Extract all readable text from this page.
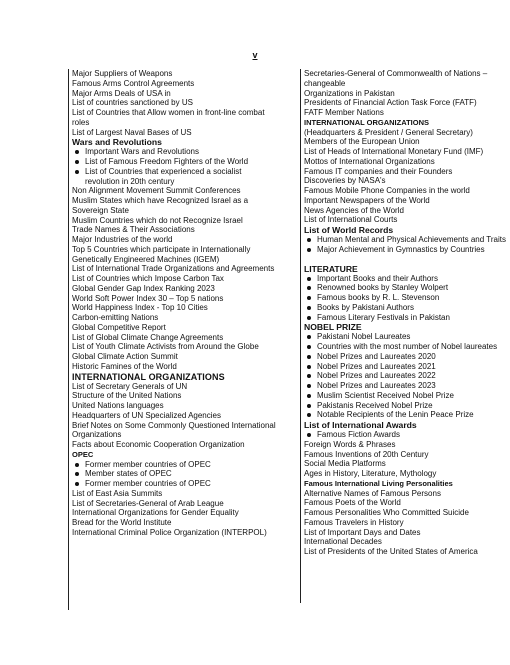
v
Major Suppliers of Weapons
Famous Arms Control Agreements
Major Arms Deals of USA in
List of countries sanctioned by US
List of Countries that Allow women in front-line combat roles
List of Largest Naval Bases of US
Wars and Revolutions
Important Wars and Revolutions
List of Famous Freedom Fighters of the World
List of Countries that experienced a socialist revolution in 20th century
Non Alignment Movement Summit Conferences
Muslim States which have Recognized Israel as a Sovereign State
Muslim Countries which do not Recognize Israel
Trade Names & Their Associations
Major Industries of the world
Top 5 Countries which participate in Internationally Genetically Engineered Machines (IGEM)
List of International Trade Organizations and Agreements
List of Countries which Impose Carbon Tax
Global Gender Gap Index Ranking 2023
World Soft Power Index 30 – Top 5 nations
World Happiness Index - Top 10 Cities
Carbon-emitting Nations
Global Competitive Report
List of Global Climate Change Agreements
List of Youth Climate Activists from Around the Globe
Global Climate Action Summit
Historic Famines of the World
INTERNATIONAL ORGANIZATIONS
List of Secretary Generals of UN
Structure of the United Nations
United Nations languages
Headquarters of UN Specialized Agencies
Brief Notes on Some Commonly Questioned International Organizations
Facts about Economic Cooperation Organization
OPEC
Former member countries of OPEC
Member states of OPEC
Former member countries of OPEC
List of East Asia Summits
List of Secretaries-General of Arab League
International Organizations for Gender Equality
Bread for the World Institute
International Criminal Police Organization (INTERPOL)
Secretaries-General of Commonwealth of Nations – changeable
Organizations in Pakistan
Presidents of Financial Action Task Force (FATF)
FATF Member Nations
INTERNATIONAL ORGANIZATIONS
(Headquarters & President / General Secretary)
Members of the European Union
List of Heads of International Monetary Fund (IMF)
Mottos of International Organizations
Famous IT companies and their Founders
Discoveries by NASA's
Famous Mobile Phone Companies in the world
Important Newspapers of the World
News Agencies of the World
List of International Courts
List of World Records
Human Mental and Physical Achievements and Traits
Major Achievement in Gymnastics by Countries
LITERATURE
Important Books and their Authors
Renowned books by Stanley Wolpert
Famous books by R. L. Stevenson
Books by Pakistani Authors
Famous Literary Festivals in Pakistan
NOBEL PRIZE
Pakistani Nobel Laureates
Countries with the most number of Nobel laureates
Nobel Prizes and Laureates 2020
Nobel Prizes and Laureates 2021
Nobel Prizes and Laureates 2022
Nobel Prizes and Laureates 2023
Muslim Scientist Received Nobel Prize
Pakistanis Received Nobel Prize
Notable Recipients of the Lenin Peace Prize
List of International Awards
Famous Fiction Awards
Foreign Words & Phrases
Famous Inventions of 20th Century
Social Media Platforms
Ages in History, Literature, Mythology
Famous International Living Personalities
Alternative Names of Famous Persons
Famous Poets of the World
Famous Personalities Who Committed Suicide
Famous Travelers in History
List of Important Days and Dates
International Decades
List of Presidents of the United States of America
